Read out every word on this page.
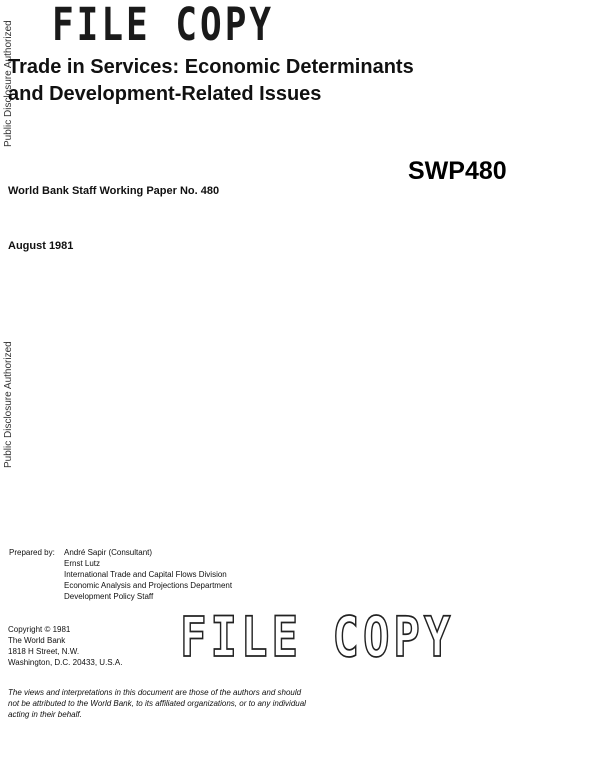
FILE COPY
Public Disclosure Authorized
Public Disclosure Authorized
Trade in Services: Economic Determinants
and Development-Related Issues
SWP480
World Bank Staff Working Paper No. 480
August 1981
Prepared by: André Sapir (Consultant)
Ernst Lutz
International Trade and Capital Flows Division
Economic Analysis and Projections Department
Development Policy Staff
Copyright © 1981
The World Bank
1818 H Street, N.W.
Washington, D.C. 20433, U.S.A. FILE COPY
The views and interpretations in this document are those of the authors and should not be attributed to the World Bank, to its affiliated organizations, or to any individual acting in their behalf.
